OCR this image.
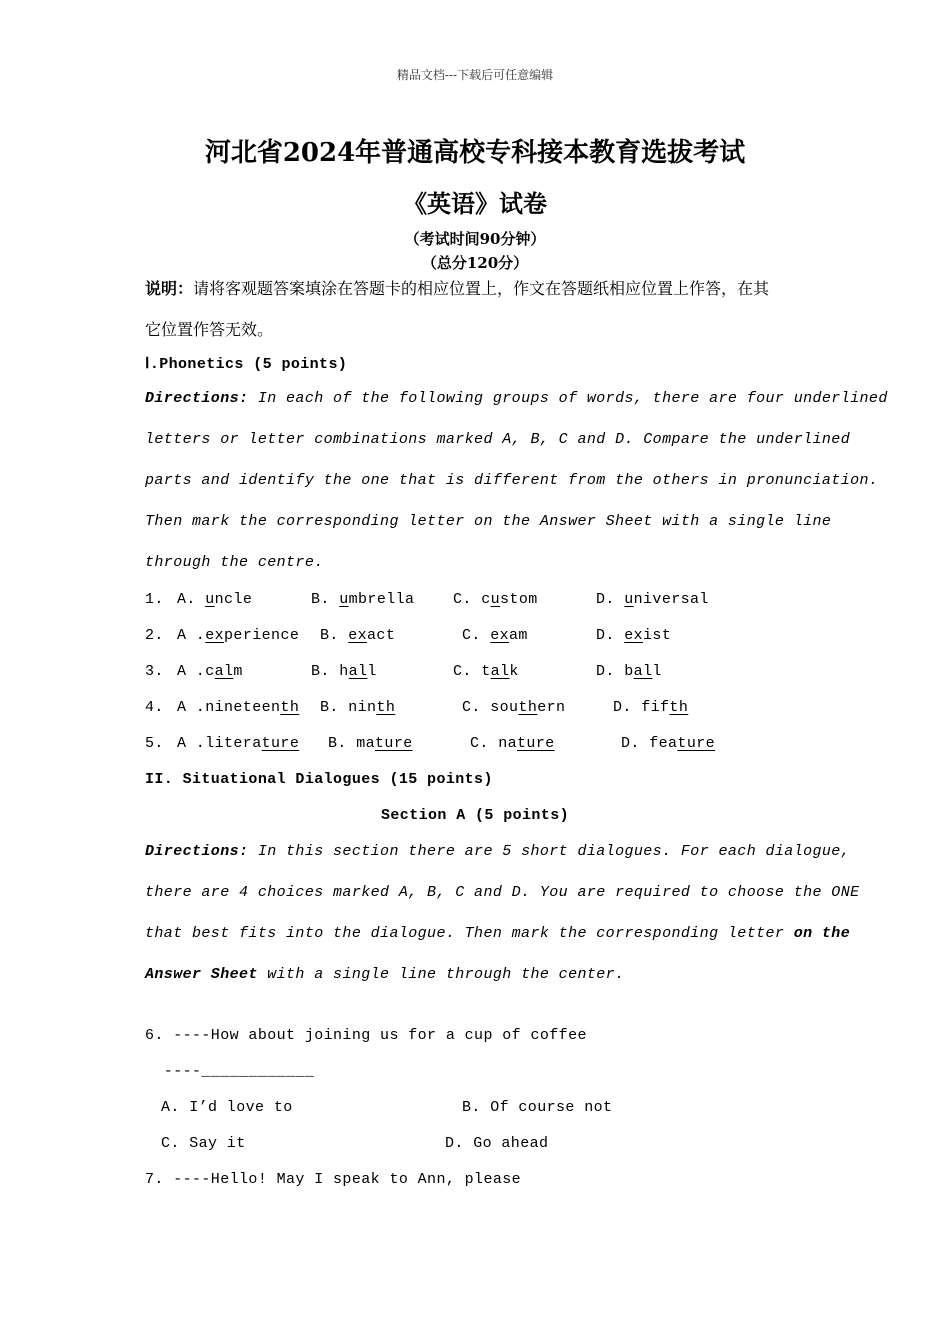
精品文档---下载后可任意编辑
河北省2024年普通高校专科接本教育选拔考试
《英语》试卷
（考试时间90分钟）
（总分120分）
说明：请将客观题答案填涂在答题卡的相应位置上，作文在答题纸相应位置上作答，在其
它位置作答无效。
Ⅰ.Phonetics (5 points)
Directions: In each of the following groups of words, there are four underlined
letters or letter combinations marked A, B, C and D. Compare the underlined
parts and identify the one that is different from the others in pronunciation.
Then mark the corresponding letter on the Answer Sheet with a single line
through the centre.
1. A. uncle	B. umbrella	C. custom	D. universal
2. A .experience B. exact	C. exam	D. exist
3. A .calm	B. hall	C. talk	D. ball
4. A .nineteenth B. ninth	C. southern	D. fifth
5. A .literature B. mature	C. nature	D. feature
II. Situational Dialogues (15 points)
Section A (5 points)
Directions: In this section there are 5 short dialogues. For each dialogue,
there are 4 choices marked A, B, C and D. You are required to choose the ONE
that best fits into the dialogue. Then mark the corresponding letter on the
Answer Sheet with a single line through the center.
6. ----How about joining us for a cup of coffee
----____________
A. I’d love to	B. Of course not
C. Say it	D. Go ahead
7. ----Hello! May I speak to Ann, please
